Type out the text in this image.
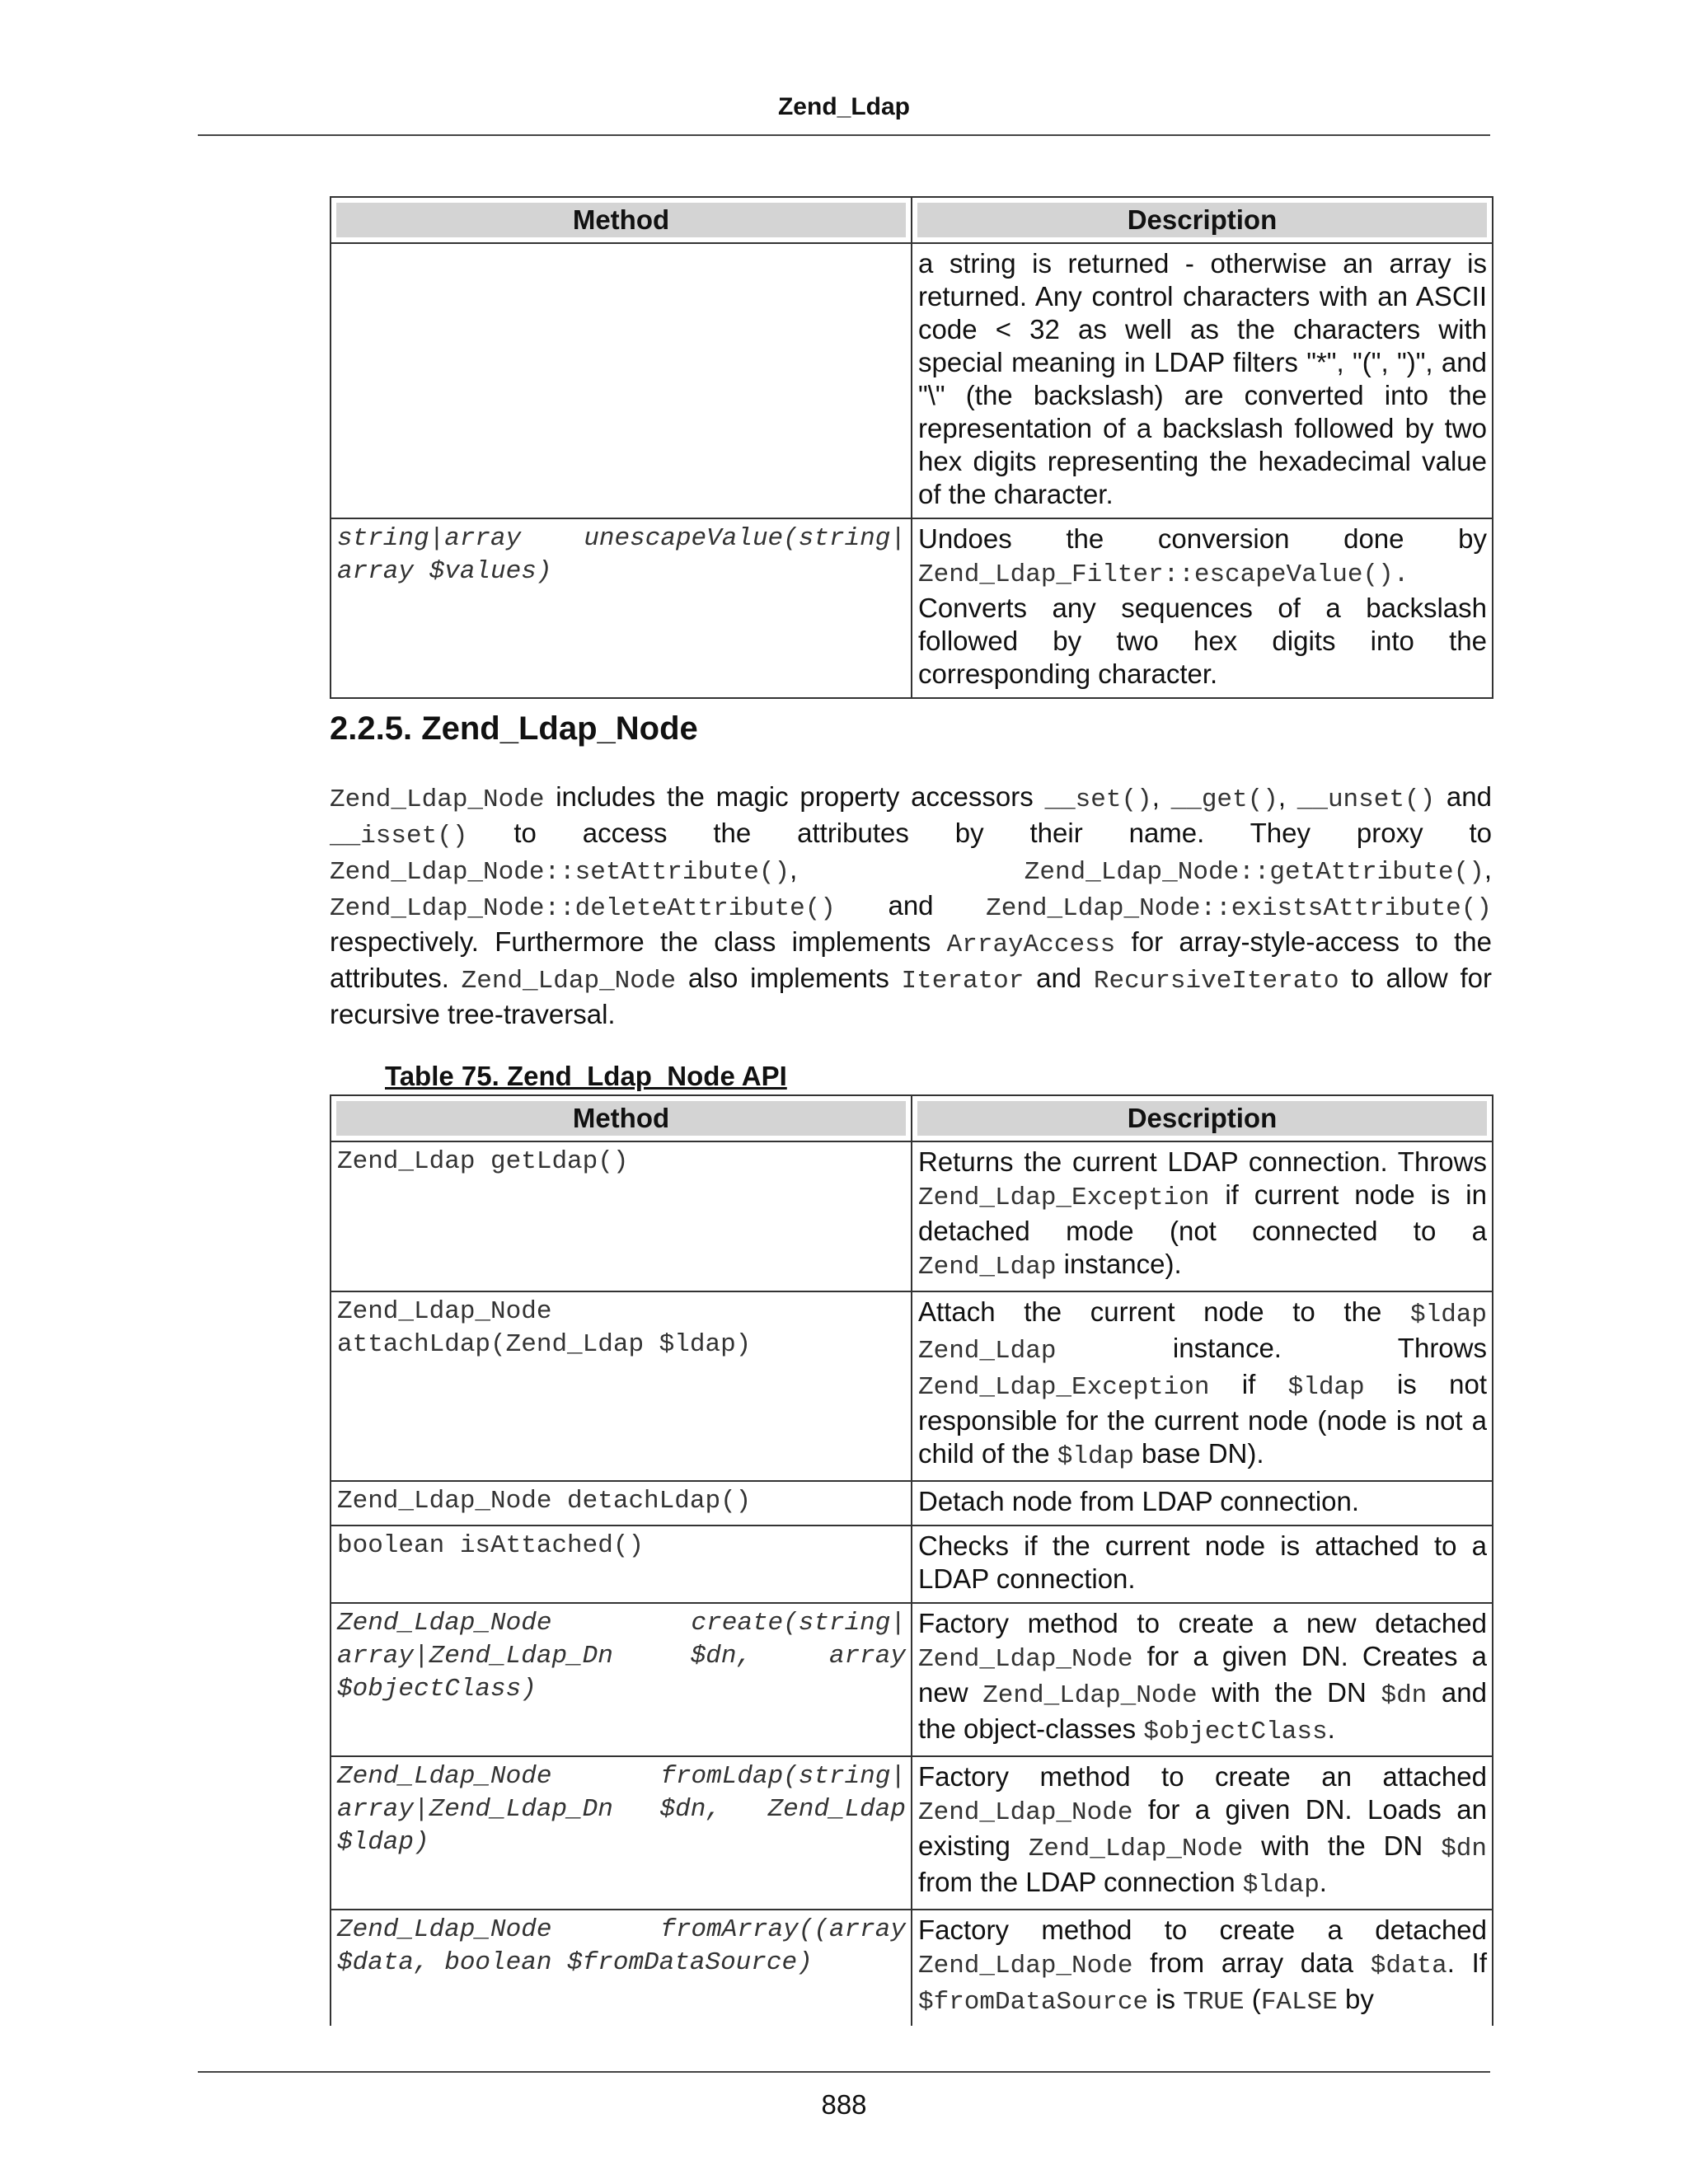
Zend_Ldap
Method	Description

	a string is returned - otherwise an array is returned. Any control characters with an ASCII code < 32 as well as the characters with special meaning in LDAP filters "*", "(", ")", and "\" (the backslash) are converted into the representation of a backslash followed by two hex digits representing the hexadecimal value of the character.

string|array unescapeValue(string| array $values)	Undoes the conversion done by Zend_Ldap_Filter::escapeValue(). Converts any sequences of a backslash followed by two hex digits into the corresponding character.
2.2.5. Zend_Ldap_Node

Zend_Ldap_Node includes the magic property accessors __set(), __get(), __unset() and __isset() to access the attributes by their name. They proxy to Zend_Ldap_Node::setAttribute(), Zend_Ldap_Node::getAttribute(), Zend_Ldap_Node::deleteAttribute() and Zend_Ldap_Node::existsAttribute() respectively. Furthermore the class implements ArrayAccess for array-style-access to the attributes. Zend_Ldap_Node also implements Iterator and RecursiveIterato to allow for recursive tree-traversal.

Table 75. Zend_Ldap_Node API
Method	Description

Zend_Ldap getLdap()	Returns the current LDAP connection. Throws Zend_Ldap_Exception if current node is in detached mode (not connected to a Zend_Ldap instance).

Zend_Ldap_Node
attachLdap(Zend_Ldap $ldap)	Attach the current node to the $ldap Zend_Ldap instance. Throws Zend_Ldap_Exception if $ldap is not responsible for the current node (node is not a child of the $ldap base DN).

Zend_Ldap_Node detachLdap()	Detach node from LDAP connection.

boolean isAttached()	Checks if the current node is attached to a LDAP connection.

Zend_Ldap_Node create(string| array|Zend_Ldap_Dn $dn, array $objectClass)	Factory method to create a new detached Zend_Ldap_Node for a given DN. Creates a new Zend_Ldap_Node with the DN $dn and the object-classes $objectClass.

Zend_Ldap_Node fromLdap(string| array|Zend_Ldap_Dn $dn, Zend_Ldap $ldap)	Factory method to create an attached Zend_Ldap_Node for a given DN. Loads an existing Zend_Ldap_Node with the DN $dn from the LDAP connection $ldap.

Zend_Ldap_Node fromArray((array $data, boolean $fromDataSource)	Factory method to create a detached Zend_Ldap_Node from array data $data. If $fromDataSource is TRUE (FALSE by
888
